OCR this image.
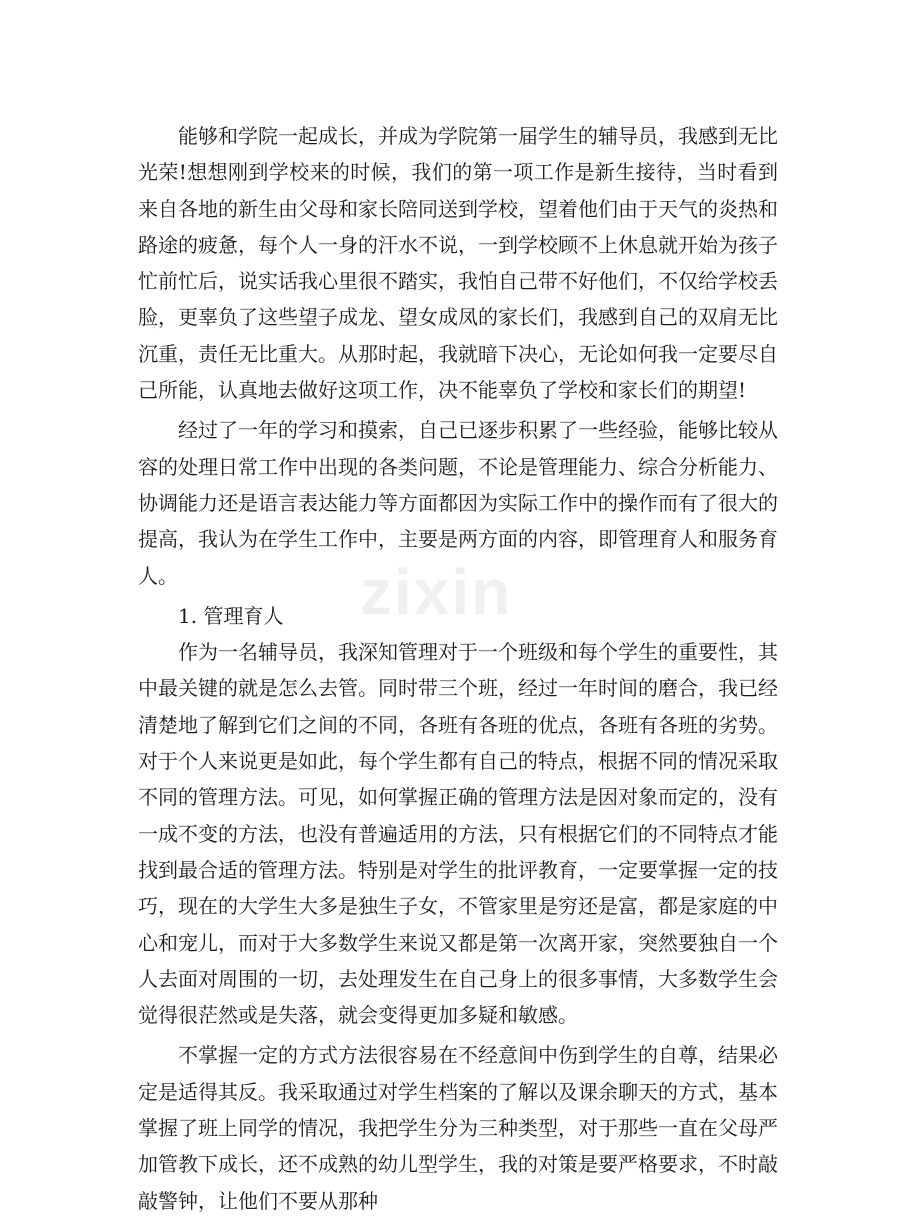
zixin

能够和学院一起成长，并成为学院第一届学生的辅导员，我感到无比光荣!想想刚到学校来的时候，我们的第一项工作是新生接待，当时看到来自各地的新生由父母和家长陪同送到学校，望着他们由于天气的炎热和路途的疲惫，每个人一身的汗水不说，一到学校顾不上休息就开始为孩子忙前忙后，说实话我心里很不踏实，我怕自己带不好他们，不仅给学校丢脸，更辜负了这些望子成龙、望女成凤的家长们，我感到自己的双肩无比沉重，责任无比重大。从那时起，我就暗下决心，无论如何我一定要尽自己所能，认真地去做好这项工作，决不能辜负了学校和家长们的期望!

经过了一年的学习和摸索，自己已逐步积累了一些经验，能够比较从容的处理日常工作中出现的各类问题，不论是管理能力、综合分析能力、协调能力还是语言表达能力等方面都因为实际工作中的操作而有了很大的提高，我认为在学生工作中，主要是两方面的内容，即管理育人和服务育人。

1. 管理育人

作为一名辅导员，我深知管理对于一个班级和每个学生的重要性，其中最关键的就是怎么去管。同时带三个班，经过一年时间的磨合，我已经清楚地了解到它们之间的不同，各班有各班的优点，各班有各班的劣势。对于个人来说更是如此，每个学生都有自己的特点，根据不同的情况采取不同的管理方法。可见，如何掌握正确的管理方法是因对象而定的，没有一成不变的方法，也没有普遍适用的方法，只有根据它们的不同特点才能找到最合适的管理方法。特别是对学生的批评教育，一定要掌握一定的技巧，现在的大学生大多是独生子女，不管家里是穷还是富，都是家庭的中心和宠儿，而对于大多数学生来说又都是第一次离开家，突然要独自一个人去面对周围的一切，去处理发生在自己身上的很多事情，大多数学生会觉得很茫然或是失落，就会变得更加多疑和敏感。

不掌握一定的方式方法很容易在不经意间中伤到学生的自尊，结果必定是适得其反。我采取通过对学生档案的了解以及课余聊天的方式，基本掌握了班上同学的情况，我把学生分为三种类型，对于那些一直在父母严加管教下成长，还不成熟的幼儿型学生，我的对策是要严格要求，不时敲敲警钟，让他们不要从那种
